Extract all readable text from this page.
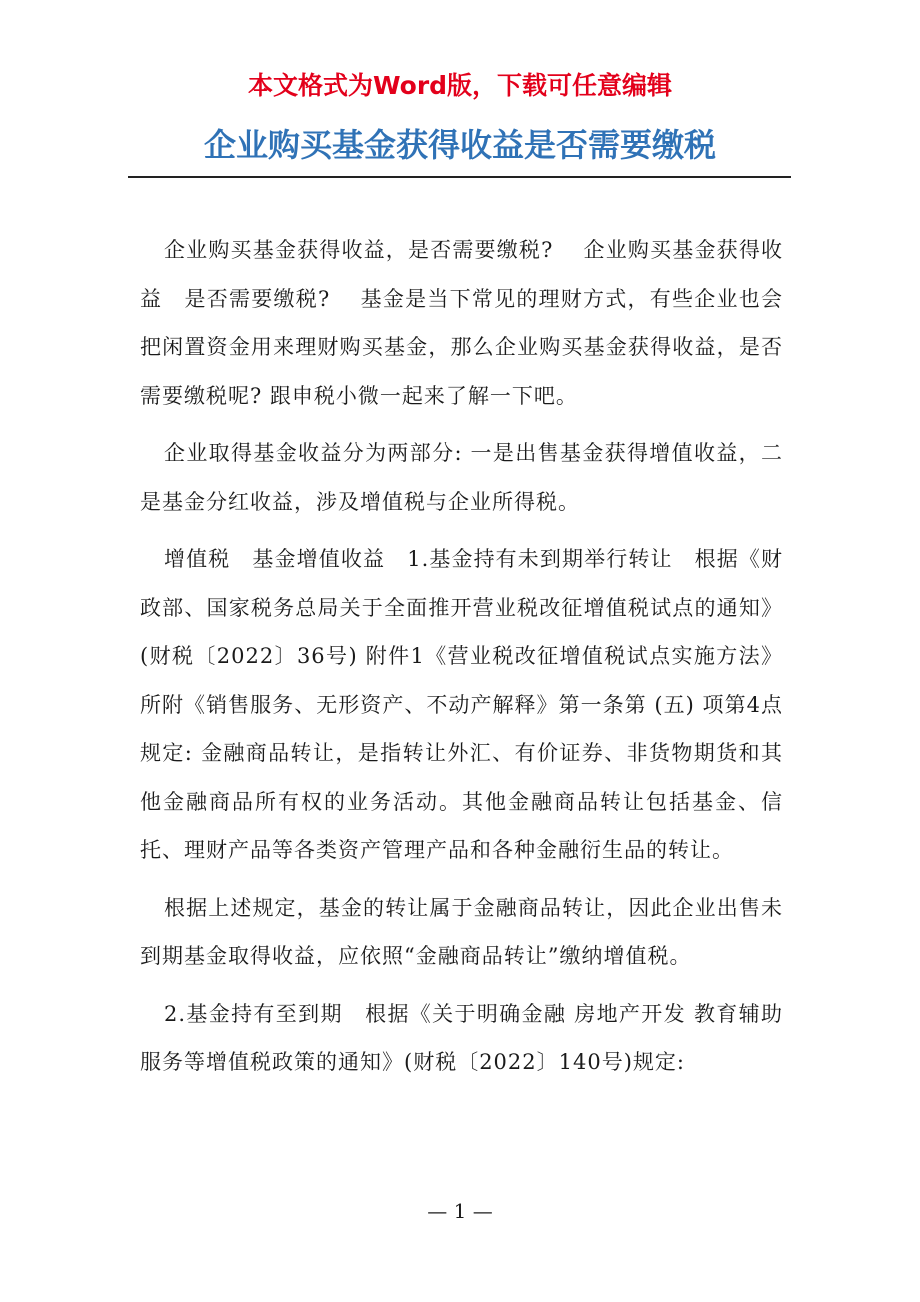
本文格式为Word版，下载可任意编辑
企业购买基金获得收益是否需要缴税

企业购买基金获得收益，是否需要缴税?　 企业购买基金获得收益　是否需要缴税?　 基金是当下常见的理财方式，有些企业也会把闲置资金用来理财购买基金，那么企业购买基金获得收益，是否需要缴税呢? 跟申税小微一起来了解一下吧。

企业取得基金收益分为两部分: 一是出售基金获得增值收益，二是基金分红收益，涉及增值税与企业所得税。

增值税　基金增值收益　1.基金持有未到期举行转让　根据《财政部、国家税务总局关于全面推开营业税改征增值税试点的通知》(财税〔2022〕36号) 附件1《营业税改征增值税试点实施方法》所附《销售服务、无形资产、不动产解释》第一条第 (五) 项第4点规定: 金融商品转让，是指转让外汇、有价证券、非货物期货和其他金融商品所有权的业务活动。其他金融商品转让包括基金、信托、理财产品等各类资产管理产品和各种金融衍生品的转让。

根据上述规定，基金的转让属于金融商品转让，因此企业出售未到期基金取得收益，应依照“金融商品转让”缴纳增值税。

2.基金持有至到期　根据《关于明确金融 房地产开发 教育辅助服务等增值税政策的通知》(财税〔2022〕140号)规定:

— 1 —
